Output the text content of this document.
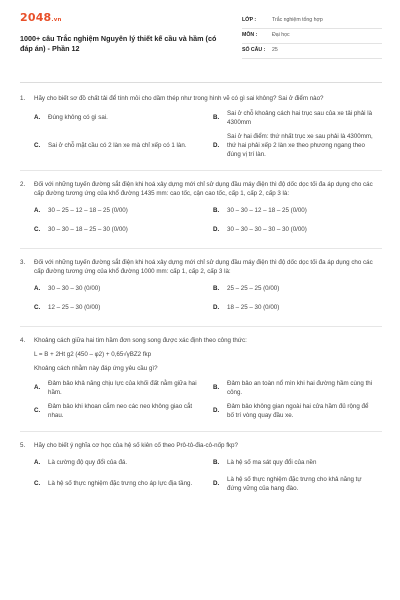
2048.vn
1000+ câu Trắc nghiệm Nguyên lý thiết kế cầu và hầm (có đáp án) - Phần 12
LỚP :	Trắc nghiệm tổng hợp
MÔN :	Đại học
SỐ CÂU :	25
1.	Hãy cho biết sơ đồ chất tải để tính mỏi cho dầm thép như trong hình vẽ có gì sai không? Sai ở điểm nào?
A.	Đúng không có gì sai.	B.
Sai ở chỗ khoảng cách hai trục sau của xe tải phải là 4300mm
C.	Sai ở chỗ mặt cầu có 2 làn xe mà chỉ xếp có 1 làn.	D.
Sai ở hai điểm: thứ nhất trục xe sau phải là 4300mm, thứ hai phải xếp 2 làn xe theo phương ngang theo đúng vị trí làn.
2.	Đối với những tuyến đường sắt điện khi hoá xây dựng mới chỉ sử dụng đầu máy điện thì độ dốc dọc tối đa áp dụng cho các cấp đường tương ứng của khổ đường 1435 mm: cao tốc, cận cao tốc, cấp 1, cấp 2, cấp 3 là:
A.	30 – 25 – 12 – 18 – 25 (0/00)	B.	30 – 30 – 12 – 18 – 25 (0/00)
C.	30 – 30 – 18 – 25 – 30 (0/00)	D.	30 – 30 – 30 – 30 – 30 (0/00)
3.	Đối với những tuyến đường sắt điện khi hoá xây dựng mới chỉ sử dụng đầu máy điện thì độ dốc dọc tối đa áp dụng cho các cấp đường tương ứng của khổ đường 1000 mm: cấp 1, cấp 2, cấp 3 là:
A.	30 – 30 – 30 (0/00)	B.	25 – 25 – 25 (0/00)
C.	12 – 25 – 30 (0/00)	D.	18 – 25 – 30 (0/00)
4.	Khoảng cách giữa hai tim hầm đơn song song được xác định theo công thức:
L = B + 2Ht g2 (450 – φ2) + 0,65√γBZ2 fkp
Khoảng cách nhằm này đáp ứng yêu cầu gì?
A.
Đảm bảo khả năng chịu lực của khối đất nằm giữa hai hầm.
B.
Đảm bảo an toàn nổ mìn khi hai đường hầm cùng thi công.
C.
Đảm bảo khi khoan cắm neo các neo không giao cắt nhau.
D.
Đảm bảo không gian ngoài hai cửa hầm đủ rộng để bố trí vòng quay đầu xe.
5.	Hãy cho biết ý nghĩa cơ học của hệ số kiên cố theo Prô-tô-đia-cô-nốp fkp?
A.	Là cường độ quy đổi của đá.	B.	Là hệ số ma sát quy đổi của nền
C.	Là hệ số thực nghiệm đặc trưng cho áp lực địa tầng.	D.
Là hệ số thực nghiệm đặc trưng cho khả năng tự đứng vững của hang đào.
